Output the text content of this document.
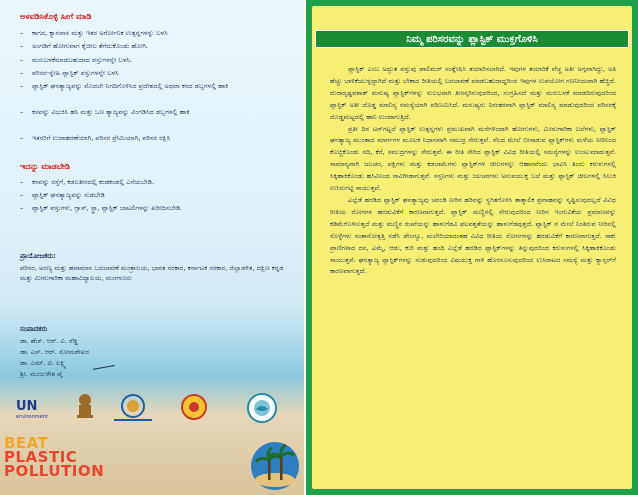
ಅಳವಡಿಸಿಕೊಳ್ಳಿ ಹೀಗೆ ಮಾಡಿ
– ಕಾಗದ, ಕ್ಯಾನವಾಸ ಮತ್ತು ಇತರ ಅರ್ಗೋನಿಕ ಉತ್ಪನ್ನಗಳನ್ನು ಬಳಸಿ
– ಅಂಗಡಿಗೆ ಹೋಗುವಾಗ ಕೈಚೀಲ ತೆಗೆದುಕೊಂಡು ಹೋಗಿ.
– ಮರುಬಳಕೆಮಾಡಬಹುದಾದ ವಸ್ತುಗಳನ್ನೇ ಬಳಸಿ.
– ಪರಿಸರ-ಸ್ನೇಹಿ ಪ್ಲಾಸ್ಟಿಕ್ ವಸ್ತುಗಳನ್ನೇ ಬಳಸಿ
– ಪ್ಲಾಸ್ಟಿಕ್ ಘನತ್ಯಾಜ್ಯವನ್ನು ಮೊದಲೇ ನಿಗದಿಗೊಳಿಸಿದ ಪ್ರದೇಶದಲ್ಲಿ ಅಥವಾ ಕಸದ ಡಬ್ಬಗಳಲ್ಲಿ ಹಾಕಿ
– ಕಸವನ್ನು ವಿಭಜಿಸಿ ಹಸಿ ಮತ್ತು ಒಣ ತ್ಯಾಜ್ಯವನ್ನು ವಿಂಗಡಿಸಿದ ಡಬ್ಬಗಳಲ್ಲಿ ಹಾಕಿ
– ಇತರರಿಗೆ ಉದಾಹರಣೆಯಾಗಿ, ಪರಿಸರ ಪ್ರೇಮಿಯಾಗಿ, ಪರಿಸರ ರಕ್ಷಿಸಿ
ಇದನ್ನು ಮಾಡಬೇಡಿ
– ಕಸವನ್ನು ರಸ್ತೆಗೆ, ಕಡಲತೀರದಲ್ಲಿ ಕಂಡಕಂಡಲ್ಲಿ ಎಸೆಯಬೇಡಿ.
– ಪ್ಲಾಸ್ಟಿಕ್ ಘನತ್ಯಾಜ್ಯವನ್ನು ಸುಡಬೇಡಿ
– ಪ್ಲಾಸ್ಟಿಕ್ ವಸ್ತುಗಳು, ಗ್ಲಾಸ್, ಸ್ಟ್ರಾ, ಪ್ಲಾಸ್ಟಿಕ್ ಬಾಟಲಿಗಳನ್ನು ಖರೀದಿಸಬೇಡಿ.
ಪ್ರಾಯೋಜಕರು:
ಪರಿಸರ, ಅರಣ್ಯ ಮತ್ತು ಹವಾಮಾನ ಬದಲಾವಣೆ ಮಂತ್ರಾಲಯ, ಭಾರತ ಸರಕಾರ, ಕರ್ನಾಟಕ ಸರಕಾರ, ಜಿಲ್ಲಾಡಳಿತ, ದಕ್ಷಿಣ ಕನ್ನಡ ಮತ್ತು ಮೀನುಗಾರಿಕಾ ಮಹಾವಿದ್ಯಾಲಯ, ಮಂಗಳೂರು
ಸಂಪಾದಕರು
ಡಾ. ಹೆಚ್. ಆರ್. ವಿ. ರೆಡ್ಡಿ
ಡಾ. ಎಸ್. ಆರ್. ಸೋಮಶೇಖರ
ಡಾ. ಎಮ್. ಟಿ. ಲಕ್ಷ್ಮಿ
ಶ್ರೀ. ಮಂಜುಳೇಶ ಪೈ
UN
environment
BEAT
PLASTIC
POLLUTION
ನಿಮ್ಮ ಪರಿಸರವನ್ನು ಪ್ಲಾಸ್ಟಿಕ್ ಮುಕ್ತಗೊಳಿಸಿ

ಪ್ಲಾಸ್ಟಿಕ್ ಎಂಬ ಅದ್ಭುತ ವಸ್ತುವು ಪಾಲಿಮರ್ ಸಂಶ್ಲೇಷಿಸಿ ತಯಾರಿಸಲಾಗಿದೆ. ಇವುಗಳ ತಯಾರಿಕೆ ವೆಚ್ಚ ಅತೀ ಅಗ್ಗವಾಗಿದ್ದು, ಅತಿ ಹೆಚ್ಚು ಬಾಳಿಕೆಯುಳ್ಳದ್ದಾಗಿದೆ ಮತ್ತು ಬೇಕಾದ ರೀತಿಯಲ್ಲಿ ಬದಲಾವಣೆ ಮಾಡಬಹುದಾದ್ದರಿಂದ ಇವುಗಳ ಉಪಯೋಗ ಗಣನೀಯವಾಗಿ ಹೆಚ್ಚಿದೆ. ದುರಾದೃಷ್ಟವಶಾತ್ ಮನುಷ್ಯ ಪ್ಲಾಸ್ಟಿಕ್‌ಗಳನ್ನು ಸುಲಭವಾಗಿ ತೀರಸ್ಕರಿಸುವುದರಿಂದ, ಸಂಗ್ರಹಿಸದೆ ಮತ್ತು ಮರುಬಳಕೆ ಮಾಡದಿರುವುದರಿಂದ ಪ್ಲಾಸ್ಟಿಕ್ ಅತೀ ದೊಡ್ಡ ಮಾಲಿನ್ಯ ಸಮಸ್ಯೆಯಾಗಿ ಪರಿಣಮಿಸಿದೆ. ಮನುಷ್ಯರು ನಿರಂತರವಾಗಿ ಪ್ಲಾಸ್ಟಿಕ್ ಮಾಲಿನ್ಯ ಮಾಡುವುದರಿಂದ ಪರಿಸರಕ್ಕೆ ದೊಡ್ಡಮಟ್ಟದಲ್ಲಿ ಹಾನಿ ಉಂಟಾಗುತ್ತಿದೆ.

ಪ್ರತೀ ದಿನ ಟನ್‌ಗಟ್ಟಲೆ ಪ್ಲಾಸ್ಟಿಕ್ ಉತ್ಪನ್ನಗಳು ಪ್ರಮುಖವಾಗಿ ಮನೆಗಳಿಂದಾಗಿ ಹೋಗುಗಳು, ಮೀನುಗಾರಿಕಾ ಬಲೆಗಳು, ಪ್ಲಾಸ್ಟಿಕ್ ಘನತ್ಯಾಜ್ಯ ಮುಂತಾದ ಮಾರ್ಗಗಳ ಮೂಲಕ ನಿಧಾನವಾಗಿ ಸಮುದ್ರ ಸೇರುತ್ತವೆ. ನೆಲದ ಮೇಲೆ ಬೀಸಾಡುವ ಪ್ಲಾಸ್ಟಿಕ್‌ಗಳು ಮಳೆಯ ನೀರಿನಿಂದ ಕೊಚ್ಚಿಕೊಂಡು ನದಿ, ಕೆರೆ, ಸಮುದ್ರಗಳನ್ನು ಸೇರುತ್ತವೆ. ಈ ರೀತಿ ಸೇರಿದ ಪ್ಲಾಸ್ಟಿಕ್ ವಿವಿಧ ರೀತಿಯಲ್ಲಿ ಸಮಸ್ಯೆಗಳನ್ನು ಉಂಟುಮಾಡುತ್ತವೆ. ಸಾಮಾನ್ಯವಾಗಿ ಜಲಚರ, ಪಕ್ಷಿಗಳು ಮತ್ತು ಕಡಲಾಮೆಗಳು ಪ್ಲಾಸ್ಟಿಕ್‌ಗಳ ಚೀಲಗಳನ್ನು ಆಹಾರವೆಂದು ಭಾವಿಸಿ ತಿಂದು ಕರುಳುಗಳಲ್ಲಿ ಸಿಕ್ಕಿಹಾಕಿಕೊಂಡು ಹಸಿವಿನಿಂದ ಸಾವಿಗೀಡಾಗುತ್ತವೆ. ಸಸ್ತನಿಗಳು ಮತ್ತು ಜಲಚರಗಳು ಅನುಪಯುಕ್ತ ಬಲೆ ಮತ್ತು ಪ್ಲಾಸ್ಟಿಕ್ ಚೀಲಗಳಲ್ಲಿ ಸಿಲುಕಿ ಉಸಿರುಗಟ್ಟಿ ಸಾಯುತ್ತವೆ.

ಎಲ್ಲೆಡೆ ಹರಡಿದ ಪ್ಲಾಸ್ಟಿಕ್ ಘನತ್ಯಾಜ್ಯವು ಚರಂಡಿ ನೀರಿನ ಹರಿವನ್ನು ಸ್ಥಗಿತಗೊಳಿಸಿ ತಾತ್ಕಾಲಿಕ ಪ್ರವಾಹವನ್ನು ಸೃಷ್ಟಿಸುವುದಲ್ಲದೆ ವಿವಿಧ ರೀತಿಯ ರೋಗಗಳ ಹರಡುವಿಕೆಗೆ ಕಾರಣವಾಗುತ್ತದೆ. ಪ್ಲಾಸ್ಟಿಕ್ ಮಣ್ಣಿನಲ್ಲಿ ಸೇರುವುದರಿಂದ ನೀರಿನ ಇಂಗುವಿಕೆಯ ಪ್ರಮಾಣವನ್ನು ಕಡಿಮೆಗೊಳಿಸುತ್ತದೆ ಮತ್ತು ಮಣ್ಣಿನ ರಚನೆಯನ್ನು ಹಾಳುಗೆಡವಿ ಫಲವತ್ತತೆಯನ್ನು ಹಾಳುಗೆಡವುತ್ತದೆ. ಪ್ಲಾಸ್ಟಿಕ್ ನ ಮೇಲೆ ನಿಂತಿರುವ ನೀರಿನಲ್ಲಿ ಸೊಳ್ಳೆಗಳು ಸಂತಾನೋತ್ಪತ್ತಿ ನಡೆಸಿ ಡೇಂಗ್ಯೂ, ಮಲೇರಿಯಾದಂತಹ ವಿವಿಧ ರೀತಿಯ ರೋಗಗಳನ್ನು ಹರಡುವಿಕೆಗೆ ಕಾರಣವಾಗುತ್ತದೆ. ಸಾಕು ಪ್ರಾಣಿಗಳಾದ ದನ, ಎಮ್ಮೆ, ಆಡು, ಕುರಿ ಮತ್ತು ಹಂದಿ ಎಲ್ಲೆಡೆ ಹರಡಿದ ಪ್ಲಾಸ್ಟಿಕ್‌ಗಳನ್ನು ತಿನ್ನುವುದರಿಂದ ಕರುಳುಗಳಲ್ಲಿ ಸಿಕ್ಕಿಹಾಕಿಕೊಂಡು ಸಾಯುತ್ತವೆ. ಘನತ್ಯಾಜ್ಯ ಪ್ಲಾಸ್ಟಿಕ್‌ಗಳನ್ನು ಸುಡುವುದರಿಂದ ವಿಷಯುಕ್ತ ಗಾಳಿ ಹೊರಸೂಸುವುದರಿಂದ ಉಸಿರಾಟದ ಸಮಸ್ಯೆ ಮತ್ತು ಕ್ಯಾನ್ಸರ್‌ಗೆ ಕಾರಣವಾಗುತ್ತದೆ.
